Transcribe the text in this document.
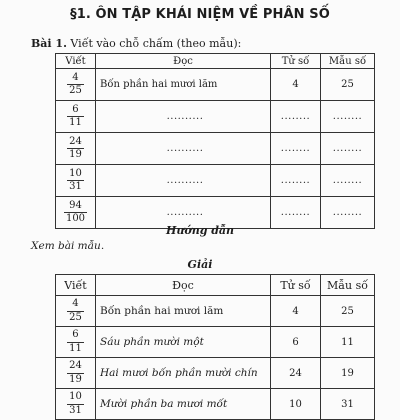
§1. ÔN TẬP KHÁI NIỆM VỀ PHÂN SỐ
Bài 1. Viết vào chỗ chấm (theo mẫu):
Viết	Đọc	Tử số	Mẫu số

$\frac{4}{25}$	Bốn phần hai mươi lăm	4	25

$\frac{6}{11}$	..........	........	........

$\frac{24}{19}$	..........	........	........

$\frac{10}{31}$	..........	........	........

$\frac{94}{100}$	..........	........	........
Hướng dẫn
Xem bài mẫu.
Giải
Viết	Đọc	Tử số	Mẫu số

$\frac{4}{25}$	Bốn phần hai mươi lăm	4	25

$\frac{6}{11}$	Sáu phần mười một	6	11

$\frac{24}{19}$	Hai mươi bốn phần mười chín	24	19

$\frac{10}{31}$	Mười phần ba mươi mốt	10	31
